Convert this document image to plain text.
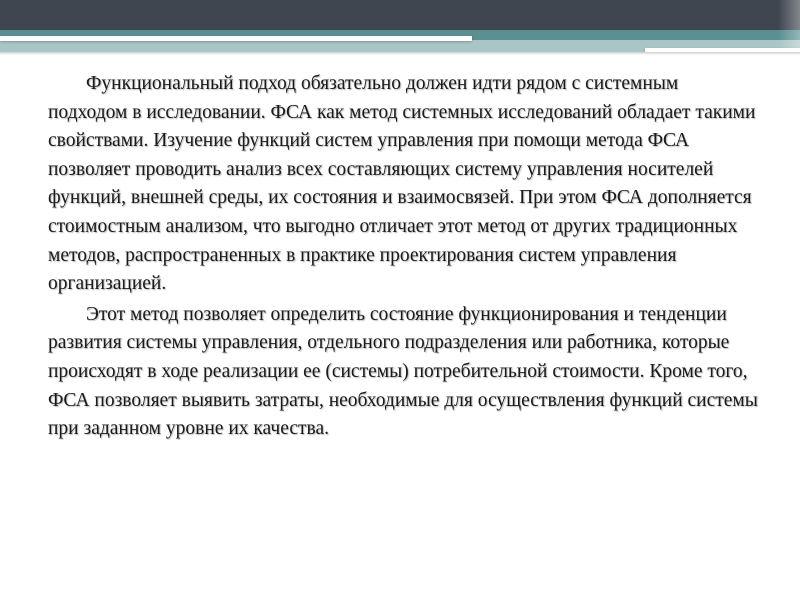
Функциональный подход обязательно должен идти рядом с системным подходом в исследовании. ФСА как метод системных исследований обладает такими свойствами. Изучение функций систем управления при помощи метода ФСА позволяет проводить анализ всех составляющих систему управления носителей функций, внешней среды, их состояния и взаимосвязей. При этом ФСА дополняется стоимостным анализом, что выгодно отличает этот метод от других традиционных методов, распространенных в практике проектирования систем управления организацией.

Этот метод позволяет определить состояние функционирования и тенденции развития системы управления, отдельного подразделения или работника, которые происходят в ходе реализации ее (системы) потребительной стоимости. Кроме того, ФСА позволяет выявить затраты, необходимые для осуществления функций системы при заданном уровне их качества.
